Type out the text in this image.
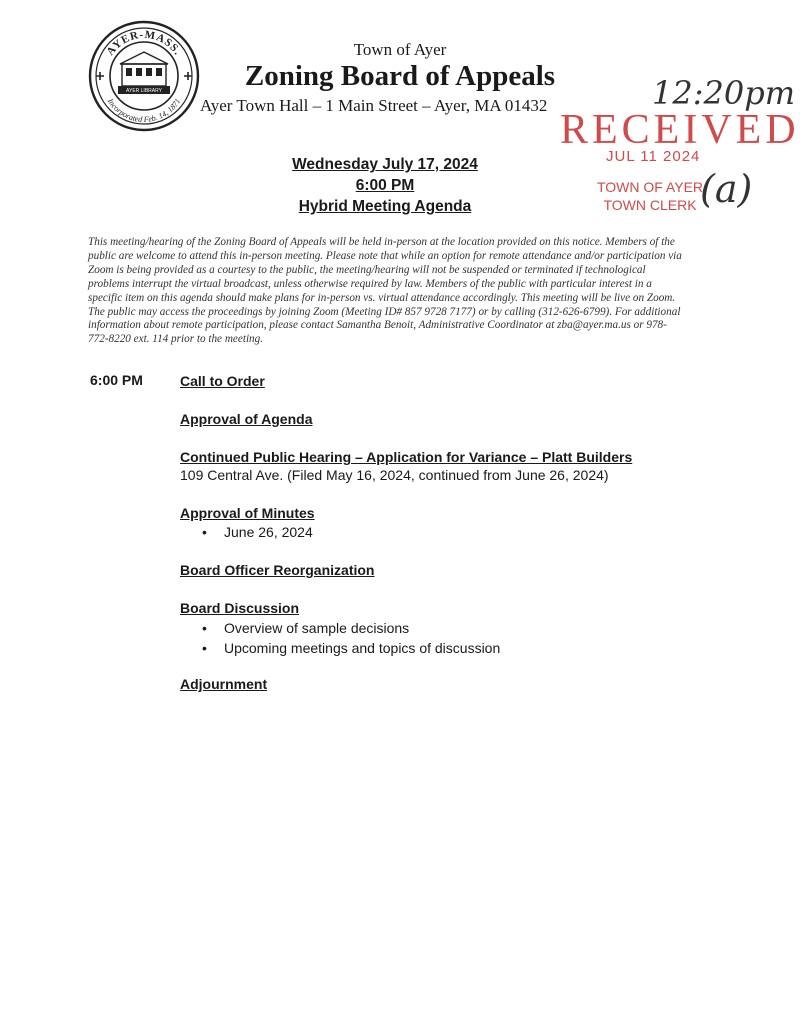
AYER-MASS.
Incorporated Feb. 14, 1871
AYER LIBRARY
Town of Ayer
Zoning Board of Appeals
Ayer Town Hall – 1 Main Street – Ayer, MA 01432
Wednesday July 17, 2024
6:00 PM
Hybrid Meeting Agenda
12:20pm
RECEIVED
JUL 11 2024
TOWN OF AYER
TOWN CLERK (a)
This meeting/hearing of the Zoning Board of Appeals will be held in-person at the location provided on this notice. Members of the public are welcome to attend this in-person meeting. Please note that while an option for remote attendance and/or participation via Zoom is being provided as a courtesy to the public, the meeting/hearing will not be suspended or terminated if technological problems interrupt the virtual broadcast, unless otherwise required by law. Members of the public with particular interest in a specific item on this agenda should make plans for in-person vs. virtual attendance accordingly. This meeting will be live on Zoom. The public may access the proceedings by joining Zoom (Meeting ID# 857 9728 7177) or by calling (312-626-6799). For additional information about remote participation, please contact Samantha Benoit, Administrative Coordinator at zba@ayer.ma.us or 978-772-8220 ext. 114 prior to the meeting.
6:00 PM	Call to Order
Approval of Agenda
Continued Public Hearing – Application for Variance – Platt Builders
109 Central Ave. (Filed May 16, 2024, continued from June 26, 2024)
Approval of Minutes
• June 26, 2024
Board Officer Reorganization
Board Discussion
• Overview of sample decisions
• Upcoming meetings and topics of discussion
Adjournment
